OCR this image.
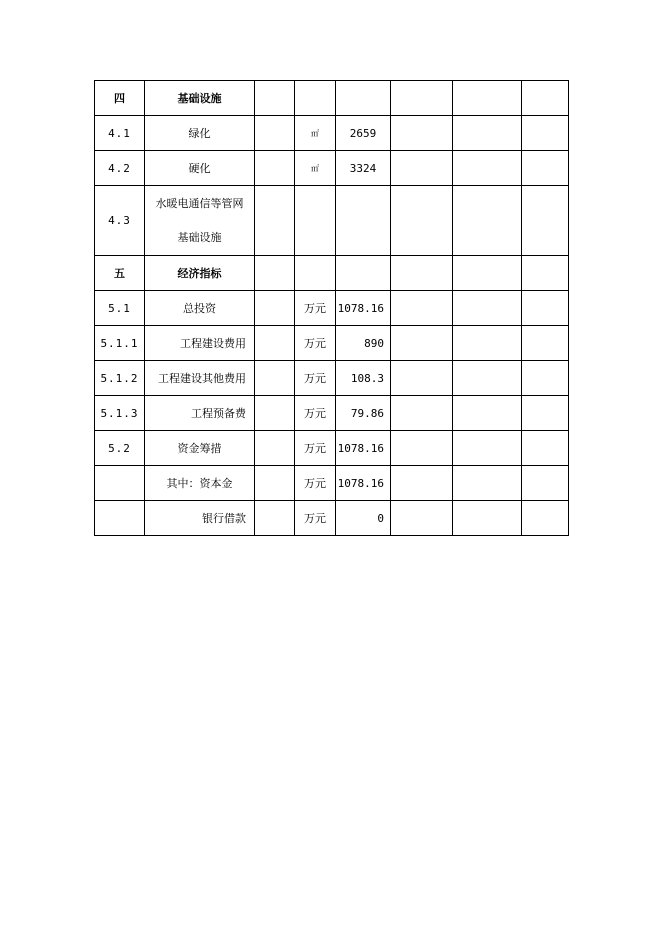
四	基础设施						
4.1	绿化		㎡	2659			
4.2	硬化		㎡	3324			
4.3	水暖电通信等管网
基础设施						

五	经济指标						
5.1	总投资		万元	1078.16			
5.1.1	工程建设费用		万元	890			
5.1.2	工程建设其他费用		万元	108.3			
5.1.3	工程预备费		万元	79.86			
5.2	资金筹措		万元	1078.16			
	其中：资本金		万元	1078.16			
	银行借款		万元	0			
